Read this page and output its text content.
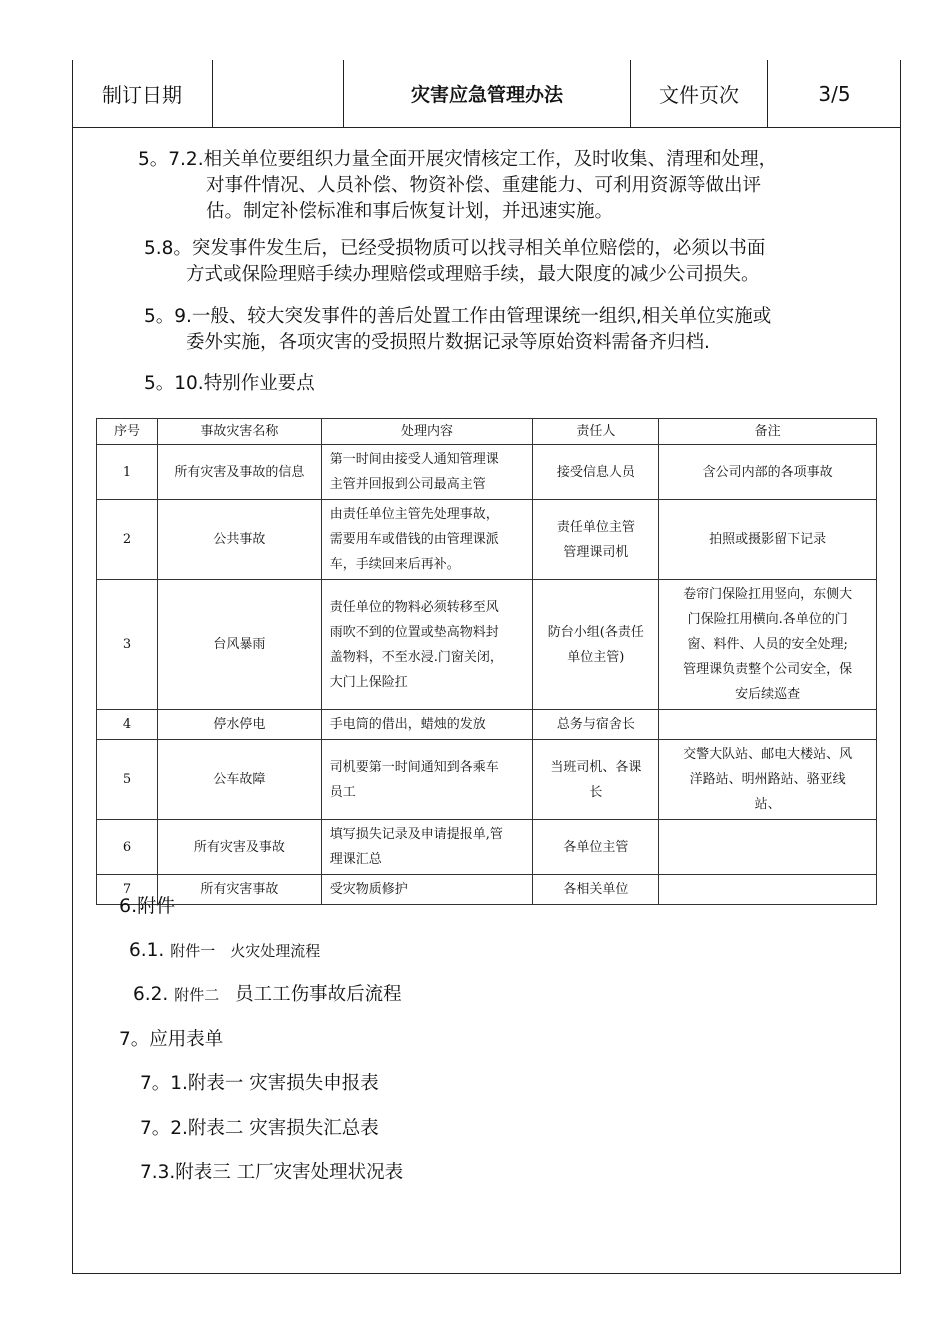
制订日期	灾害应急管理办法	文件页次	3/5
5。7.2.相关单位要组织力量全面开展灾情核定工作，及时收集、清理和处理，
对事件情况、人员补偿、物资补偿、重建能力、可利用资源等做出评
估。制定补偿标准和事后恢复计划，并迅速实施。
5.8。突发事件发生后，已经受损物质可以找寻相关单位赔偿的，必须以书面
方式或保险理赔手续办理赔偿或理赔手续，最大限度的减少公司损失。
5。9.一般、较大突发事件的善后处置工作由管理课统一组织,相关单位实施或
委外实施，各项灾害的受损照片数据记录等原始资料需备齐归档.
5。10.特别作业要点
序号	事故灾害名称	处理内容	责任人	备注
1	所有灾害及事故的信息	第一时间由接受人通知管理课
主管并回报到公司最高主管	接受信息人员	含公司内部的各项事故
2	公共事故	由责任单位主管先处理事故，
需要用车或借钱的由管理课派
车，手续回来后再补。	责任单位主管
管理课司机	拍照或摄影留下记录
3	台风暴雨	责任单位的物料必须转移至风
雨吹不到的位置或垫高物料封
盖物料，不至水浸.门窗关闭，
大门上保险扛	防台小组(各责任
单位主管)	卷帘门保险扛用竖向，东侧大
门保险扛用横向.各单位的门
窗、料件、人员的安全处理;
管理课负责整个公司安全，保
安后续巡查
4	停水停电	手电筒的借出，蜡烛的发放	总务与宿舍长	
5	公车故障	司机要第一时间通知到各乘车
员工	当班司机、各课
长	交警大队站、邮电大楼站、风
洋路站、明州路站、骆亚线
站、
6	所有灾害及事故	填写损失记录及申请提报单,管
理课汇总	各单位主管	
7	所有灾害事故	受灾物质修护	各相关单位	
6.附件
6.1. 附件一　火灾处理流程
6.2. 附件二 员工工伤事故后流程
7。应用表单
7。1.附表一 灾害损失申报表
7。2.附表二 灾害损失汇总表
7.3.附表三 工厂灾害处理状况表
